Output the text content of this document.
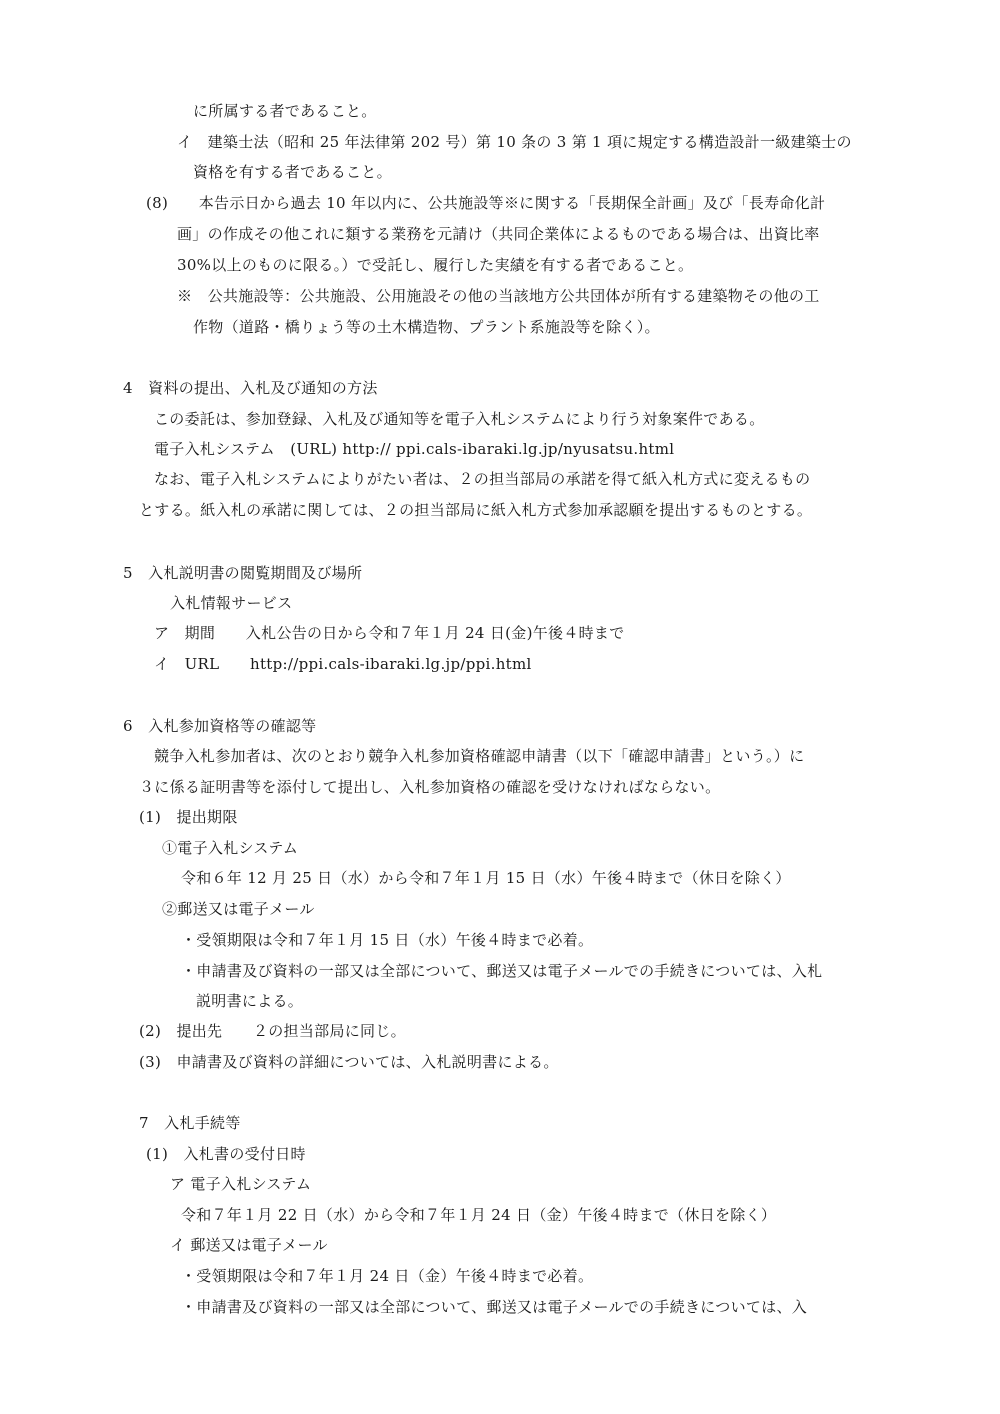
に所属する者であること。
イ　建築士法（昭和 25 年法律第 202 号）第 10 条の 3 第 1 項に規定する構造設計一級建築士の
資格を有する者であること。
(8)　　本告示日から過去 10 年以内に、公共施設等※に関する「長期保全計画」及び「長寿命化計
画」の作成その他これに類する業務を元請け（共同企業体によるものである場合は、出資比率
30%以上のものに限る。）で受託し、履行した実績を有する者であること。
※　公共施設等：公共施設、公用施設その他の当該地方公共団体が所有する建築物その他の工
作物（道路・橋りょう等の土木構造物、プラント系施設等を除く）。
4　資料の提出、入札及び通知の方法
この委託は、参加登録、入札及び通知等を電子入札システムにより行う対象案件である。
電子入札システム　(URL) http:// ppi.cals-ibaraki.lg.jp/nyusatsu.html
なお、電子入札システムによりがたい者は、２の担当部局の承諾を得て紙入札方式に変えるもの
とする。紙入札の承諾に関しては、２の担当部局に紙入札方式参加承認願を提出するものとする。
5　入札説明書の閲覧期間及び場所
入札情報サービス
ア　期間　　入札公告の日から令和７年１月 24 日(金)午後４時まで
イ　URL　　http://ppi.cals-ibaraki.lg.jp/ppi.html
6　入札参加資格等の確認等
競争入札参加者は、次のとおり競争入札参加資格確認申請書（以下「確認申請書」という。）に
３に係る証明書等を添付して提出し、入札参加資格の確認を受けなければならない。
(1)　提出期限
①電子入札システム
令和６年 12 月 25 日（水）から令和７年１月 15 日（水）午後４時まで（休日を除く）
②郵送又は電子メール
・受領期限は令和７年１月 15 日（水）午後４時まで必着。
・申請書及び資料の一部又は全部について、郵送又は電子メールでの手続きについては、入札
説明書による。
(2)　提出先　　２の担当部局に同じ。
(3)　申請書及び資料の詳細については、入札説明書による。
7　入札手続等
(1)　入札書の受付日時
ア 電子入札システム
令和７年１月 22 日（水）から令和７年１月 24 日（金）午後４時まで（休日を除く）
イ 郵送又は電子メール
・受領期限は令和７年１月 24 日（金）午後４時まで必着。
・申請書及び資料の一部又は全部について、郵送又は電子メールでの手続きについては、入
